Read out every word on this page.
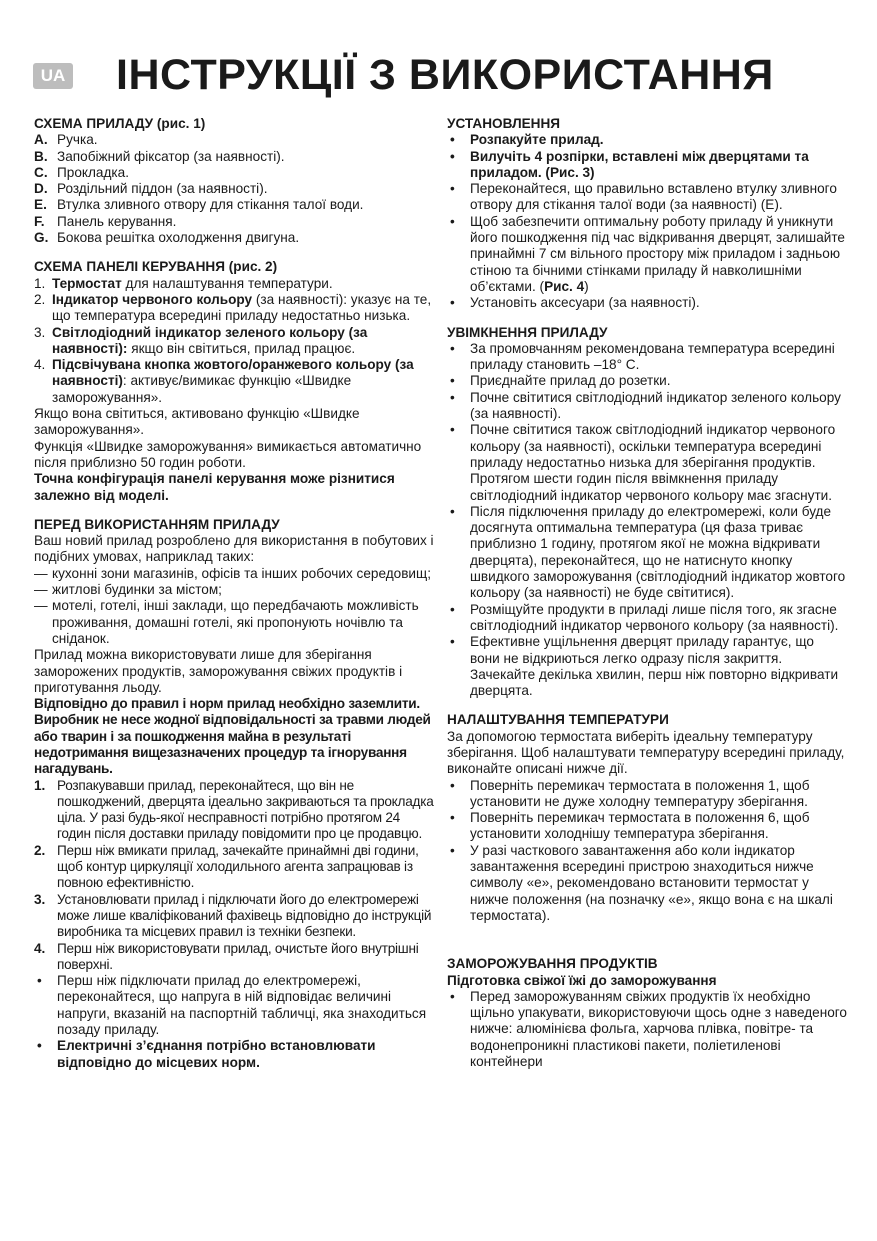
UA ІНСТРУКЦІЇ З ВИКОРИСТАННЯ

СХЕМА ПРИЛАДУ (рис. 1)

A. Ручка.

B. Запобіжний фіксатор (за наявності).

C. Прокладка.

D. Роздільний піддон (за наявності).

E. Втулка зливного отвору для стікання талої води.

F. Панель керування.

G. Бокова решітка охолодження двигуна.

СХЕМА ПАНЕЛІ КЕРУВАННЯ (рис. 2)

1. Термостат для налаштування температури.

2. Індикатор червоного кольору (за наявності): указує на те, що температура всередині приладу недостатньо низька.

3. Світлодіодний індикатор зеленого кольору (за наявності): якщо він світиться, прилад працює.

4. Підсвічувана кнопка жовтого/оранжевого кольору (за наявності): активує/вимикає функцію «Швидке заморожування».

Якщо вона світиться, активовано функцію «Швидке заморожування».

Функція «Швидке заморожування» вимикається автоматично після приблизно 50 годин роботи.

Точна конфігурація панелі керування може різнитися залежно від моделі.

ПЕРЕД ВИКОРИСТАННЯМ ПРИЛАДУ

Ваш новий прилад розроблено для використання в побутових і подібних умовах, наприклад таких:

— кухонні зони магазинів, офісів та інших робочих середовищ;

— житлові будинки за містом;

— мотелі, готелі, інші заклади, що передбачають можливість проживання, домашні готелі, які пропонують ночівлю та сніданок.

Прилад можна використовувати лише для зберігання заморожених продуктів, заморожування свіжих продуктів і приготування льоду.

Відповідно до правил і норм прилад необхідно заземлити. Виробник не несе жодної відповідальності за травми людей або тварин і за пошкодження майна в результаті недотримання вищезазначених процедур та ігнорування нагадувань.

1. Розпакувавши прилад, переконайтеся, що він не пошкоджений, дверцята ідеально закриваються та прокладка ціла. У разі будь-якої несправності потрібно протягом 24 годин після доставки приладу повідомити про це продавцю.

2. Перш ніж вмикати прилад, зачекайте принаймні дві години, щоб контур циркуляції холодильного агента запрацював із повною ефективністю.

3. Установлювати прилад і підключати його до електромережі може лише кваліфікований фахівець відповідно до інструкцій виробника та місцевих правил із техніки безпеки.

4. Перш ніж використовувати прилад, очистьте його внутрішні поверхні.

• Перш ніж підключати прилад до електромережі, переконайтеся, що напруга в ній відповідає величині напруги, вказаній на паспортній табличці, яка знаходиться позаду приладу.

• Електричні з’єднання потрібно встановлювати відповідно до місцевих норм.

УСТАНОВЛЕННЯ

• Розпакуйте прилад.

• Вилучіть 4 розпірки, вставлені між дверцятами та приладом. (Рис. 3)

• Переконайтеся, що правильно вставлено втулку зливного отвору для стікання талої води (за наявності) (E).

• Щоб забезпечити оптимальну роботу приладу й уникнути його пошкодження під час відкривання дверцят, залишайте принаймні 7 см вільного простору між приладом і задньою стіною та бічними стінками приладу й навколишніми об’єктами. (Рис. 4)

• Установіть аксесуари (за наявності).

УВІМКНЕННЯ ПРИЛАДУ

• За промовчанням рекомендована температура всередині приладу становить –18° C.

• Приєднайте прилад до розетки.

• Почне світитися світлодіодний індикатор зеленого кольору (за наявності).

• Почне світитися також світлодіодний індикатор червоного кольору (за наявності), оскільки температура всередині приладу недостатньо низька для зберігання продуктів. Протягом шести годин після ввімкнення приладу світлодіодний індикатор червоного кольору має згаснути.

• Після підключення приладу до електромережі, коли буде досягнута оптимальна температура (ця фаза триває приблизно 1 годину, протягом якої не можна відкривати дверцята), переконайтеся, що не натиснуто кнопку швидкого заморожування (світлодіодний індикатор жовтого кольору (за наявності) не буде світитися).

• Розміщуйте продукти в приладі лише після того, як згасне світлодіодний індикатор червоного кольору (за наявності).

• Ефективне ущільнення дверцят приладу гарантує, що вони не відкриються легко одразу після закриття. Зачекайте декілька хвилин, перш ніж повторно відкривати дверцята.

НАЛАШТУВАННЯ ТЕМПЕРАТУРИ

За допомогою термостата виберіть ідеальну температуру зберігання. Щоб налаштувати температуру всередині приладу, виконайте описані нижче дії.

• Поверніть перемикач термостата в положення 1, щоб установити не дуже холодну температуру зберігання.

• Поверніть перемикач термостата в положення 6, щоб установити холоднішу температура зберігання.

• У разі часткового завантаження або коли індикатор завантаження всередині пристрою знаходиться нижче символу «e», рекомендовано встановити термостат у нижче положення (на позначку «e», якщо вона є на шкалі термостата).

ЗАМОРОЖУВАННЯ ПРОДУКТІВ

Підготовка свіжої їжі до заморожування

• Перед заморожуванням свіжих продуктів їх необхідно щільно упакувати, використовуючи щось одне з наведеного нижче: алюмінієва фольга, харчова плівка, повітре- та водонепроникні пластикові пакети, поліетиленові контейнери
